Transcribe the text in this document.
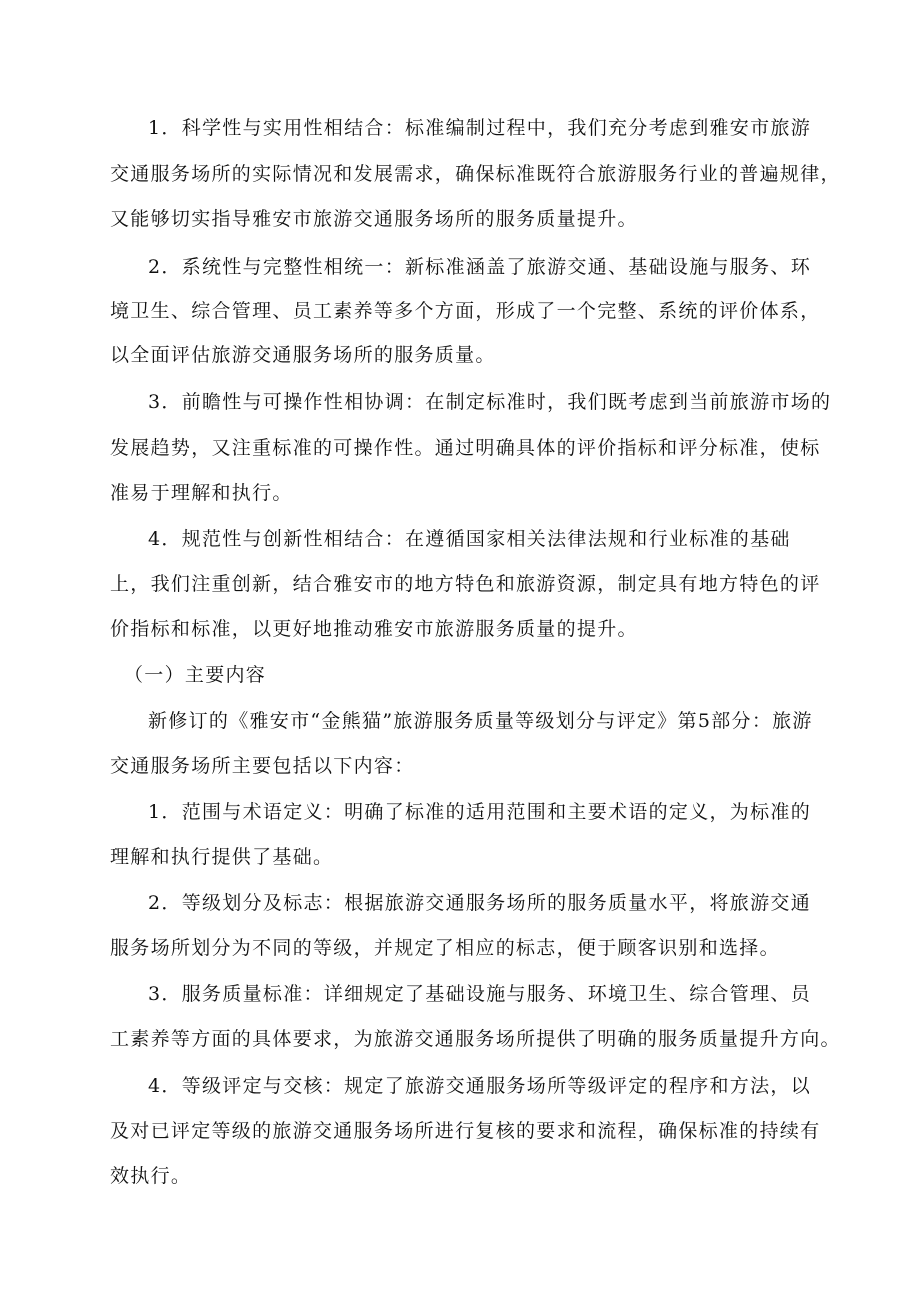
1．科学性与实用性相结合：标准编制过程中，我们充分考虑到雅安市旅游
交通服务场所的实际情况和发展需求，确保标准既符合旅游服务行业的普遍规律，
又能够切实指导雅安市旅游交通服务场所的服务质量提升。
2．系统性与完整性相统一：新标准涵盖了旅游交通、基础设施与服务、环
境卫生、综合管理、员工素养等多个方面，形成了一个完整、系统的评价体系，
以全面评估旅游交通服务场所的服务质量。
3．前瞻性与可操作性相协调：在制定标准时，我们既考虑到当前旅游市场的
发展趋势，又注重标准的可操作性。通过明确具体的评价指标和评分标准，使标
准易于理解和执行。
4．规范性与创新性相结合：在遵循国家相关法律法规和行业标准的基础
上，我们注重创新，结合雅安市的地方特色和旅游资源，制定具有地方特色的评
价指标和标准，以更好地推动雅安市旅游服务质量的提升。
（一）主要内容
新修订的《雅安市“金熊猫”旅游服务质量等级划分与评定》第5部分：旅游
交通服务场所主要包括以下内容：
1．范围与术语定义：明确了标准的适用范围和主要术语的定义，为标准的
理解和执行提供了基础。
2．等级划分及标志：根据旅游交通服务场所的服务质量水平，将旅游交通
服务场所划分为不同的等级，并规定了相应的标志，便于顾客识别和选择。
3．服务质量标准：详细规定了基础设施与服务、环境卫生、综合管理、员
工素养等方面的具体要求，为旅游交通服务场所提供了明确的服务质量提升方向。
4．等级评定与交核：规定了旅游交通服务场所等级评定的程序和方法，以
及对已评定等级的旅游交通服务场所进行复核的要求和流程，确保标准的持续有
效执行。
